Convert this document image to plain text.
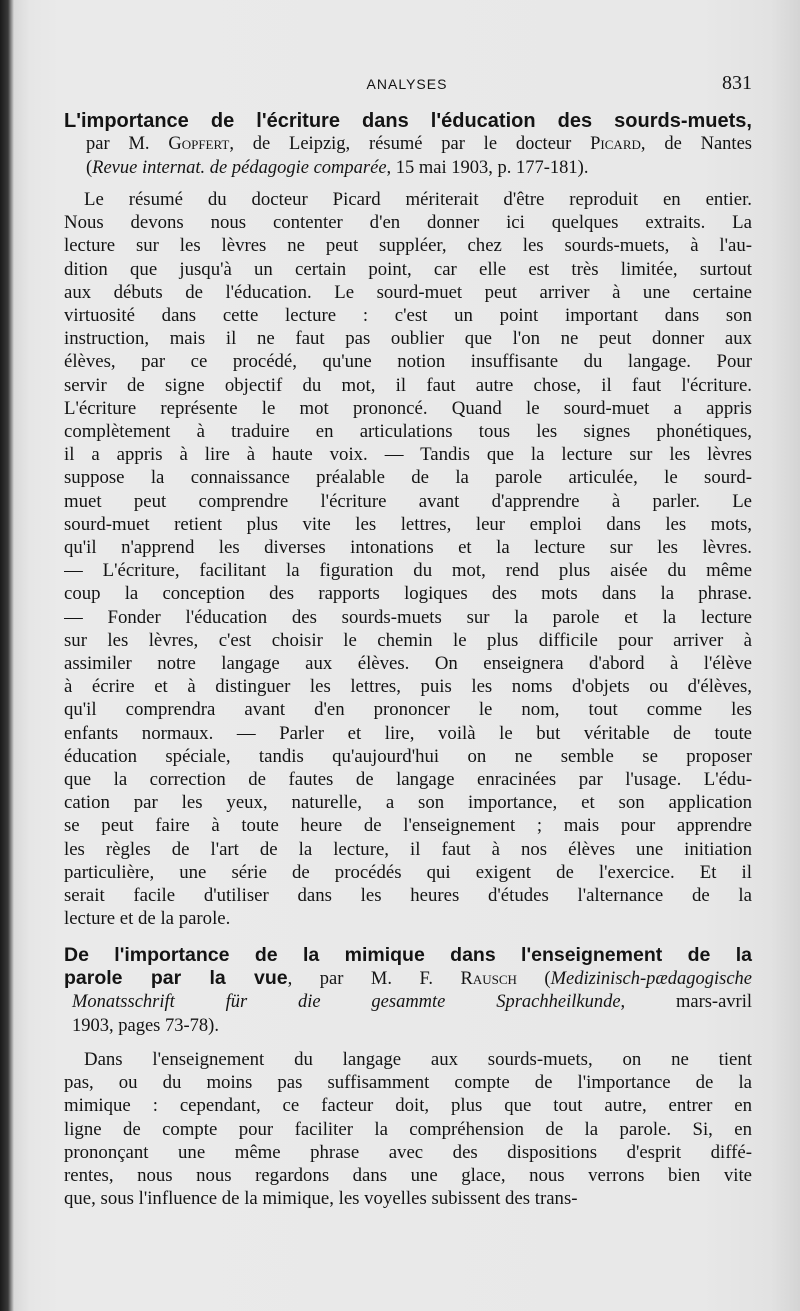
ANALYSES	831
L'importance de l'écriture dans l'éducation des sourds-muets,
par M. Gopfert, de Leipzig, résumé par le docteur Picard, de Nantes
(Revue internat. de pédagogie comparée, 15 mai 1903, p. 177-181).
Le résumé du docteur Picard mériterait d'être reproduit en entier.
Nous devons nous contenter d'en donner ici quelques extraits. La
lecture sur les lèvres ne peut suppléer, chez les sourds-muets, à l'au-
dition que jusqu'à un certain point, car elle est très limitée, surtout
aux débuts de l'éducation. Le sourd-muet peut arriver à une certaine
virtuosité dans cette lecture : c'est un point important dans son
instruction, mais il ne faut pas oublier que l'on ne peut donner aux
élèves, par ce procédé, qu'une notion insuffisante du langage. Pour
servir de signe objectif du mot, il faut autre chose, il faut l'écriture.
L'écriture représente le mot prononcé. Quand le sourd-muet a appris
complètement à traduire en articulations tous les signes phonétiques,
il a appris à lire à haute voix. — Tandis que la lecture sur les lèvres
suppose la connaissance préalable de la parole articulée, le sourd-
muet peut comprendre l'écriture avant d'apprendre à parler. Le
sourd-muet retient plus vite les lettres, leur emploi dans les mots,
qu'il n'apprend les diverses intonations et la lecture sur les lèvres.
— L'écriture, facilitant la figuration du mot, rend plus aisée du même
coup la conception des rapports logiques des mots dans la phrase.
— Fonder l'éducation des sourds-muets sur la parole et la lecture
sur les lèvres, c'est choisir le chemin le plus difficile pour arriver à
assimiler notre langage aux élèves. On enseignera d'abord à l'élève
à écrire et à distinguer les lettres, puis les noms d'objets ou d'élèves,
qu'il comprendra avant d'en prononcer le nom, tout comme les
enfants normaux. — Parler et lire, voilà le but véritable de toute
éducation spéciale, tandis qu'aujourd'hui on ne semble se proposer
que la correction de fautes de langage enracinées par l'usage. L'édu-
cation par les yeux, naturelle, a son importance, et son application
se peut faire à toute heure de l'enseignement ; mais pour apprendre
les règles de l'art de la lecture, il faut à nos élèves une initiation
particulière, une série de procédés qui exigent de l'exercice. Et il
serait facile d'utiliser dans les heures d'études l'alternance de la
lecture et de la parole.
De l'importance de la mimique dans l'enseignement de la
parole par la vue, par M. F. Rausch (Medizinisch-pædagogische
Monatsschrift für die gesammte Sprachheilkunde, mars-avril
1903, pages 73-78).
Dans l'enseignement du langage aux sourds-muets, on ne tient
pas, ou du moins pas suffisamment compte de l'importance de la
mimique : cependant, ce facteur doit, plus que tout autre, entrer en
ligne de compte pour faciliter la compréhension de la parole. Si, en
prononçant une même phrase avec des dispositions d'esprit diffé-
rentes, nous nous regardons dans une glace, nous verrons bien vite
que, sous l'influence de la mimique, les voyelles subissent des trans-
